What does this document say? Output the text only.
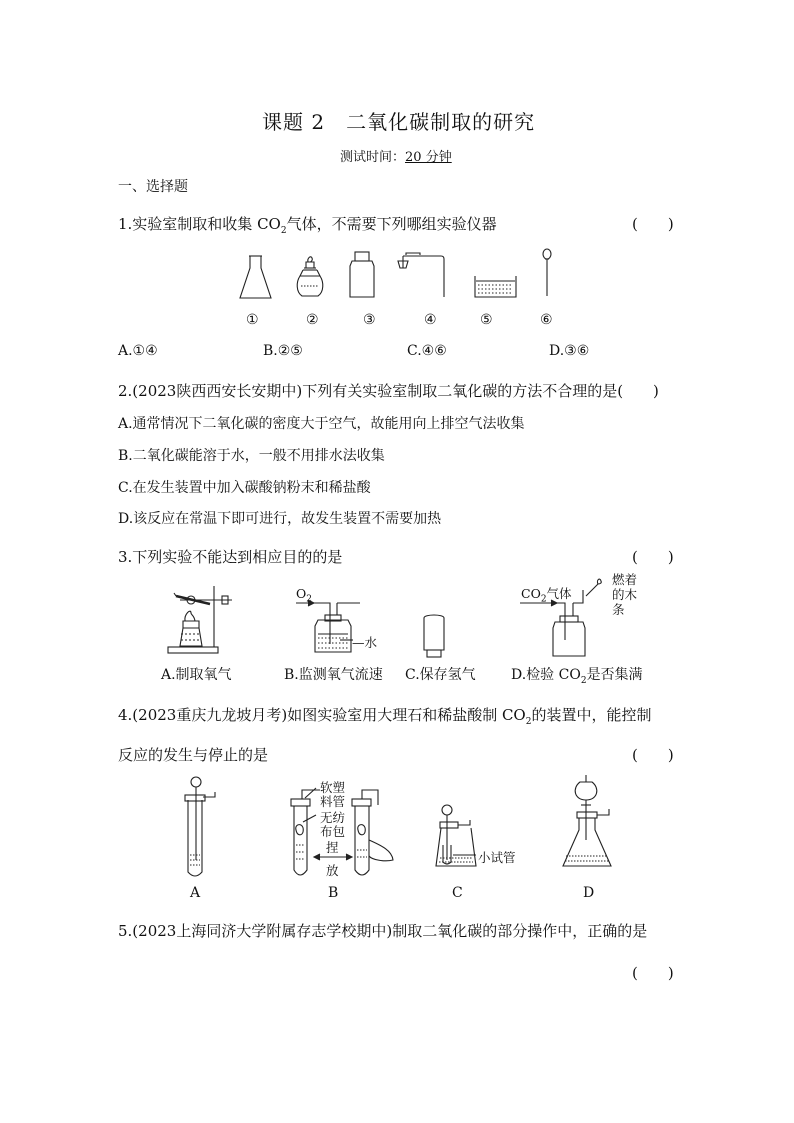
课题 2　二氧化碳制取的研究
测试时间：20 分钟
一、选择题
1.实验室制取和收集 $CO_2$气体，不需要下列哪组实验仪器	(　　)
①	②	③	④	⑤	⑥
A.①④	B.②⑤	C.④⑥	D.③⑥
2.(2023陕西西安长安期中)下列有关实验室制取二氧化碳的方法不合理的是(　　)
A.通常情况下二氧化碳的密度大于空气，故能用向上排空气法收集
B.二氧化碳能溶于水，一般不用排水法收集
C.在发生装置中加入碳酸钠粉末和稀盐酸
D.该反应在常温下即可进行，故发生装置不需要加热
3.下列实验不能达到相应目的的是	(　　)
$O_2$
—水
$CO_2$气体
燃着
的木
条
A.制取氧气	B.监测氧气流速 C.保存氢气	D.检验 $CO_2$是否集满
4.(2023重庆九龙坡月考)如图实验室用大理石和稀盐酸制 $CO_2$的装置中，能控制
反应的发生与停止的是	(　　)
软塑
料管
无纺
布包
捏
放
小试管
A	B	C	D
5.(2023上海同济大学附属存志学校期中)制取二氧化碳的部分操作中，正确的是
(　　)
